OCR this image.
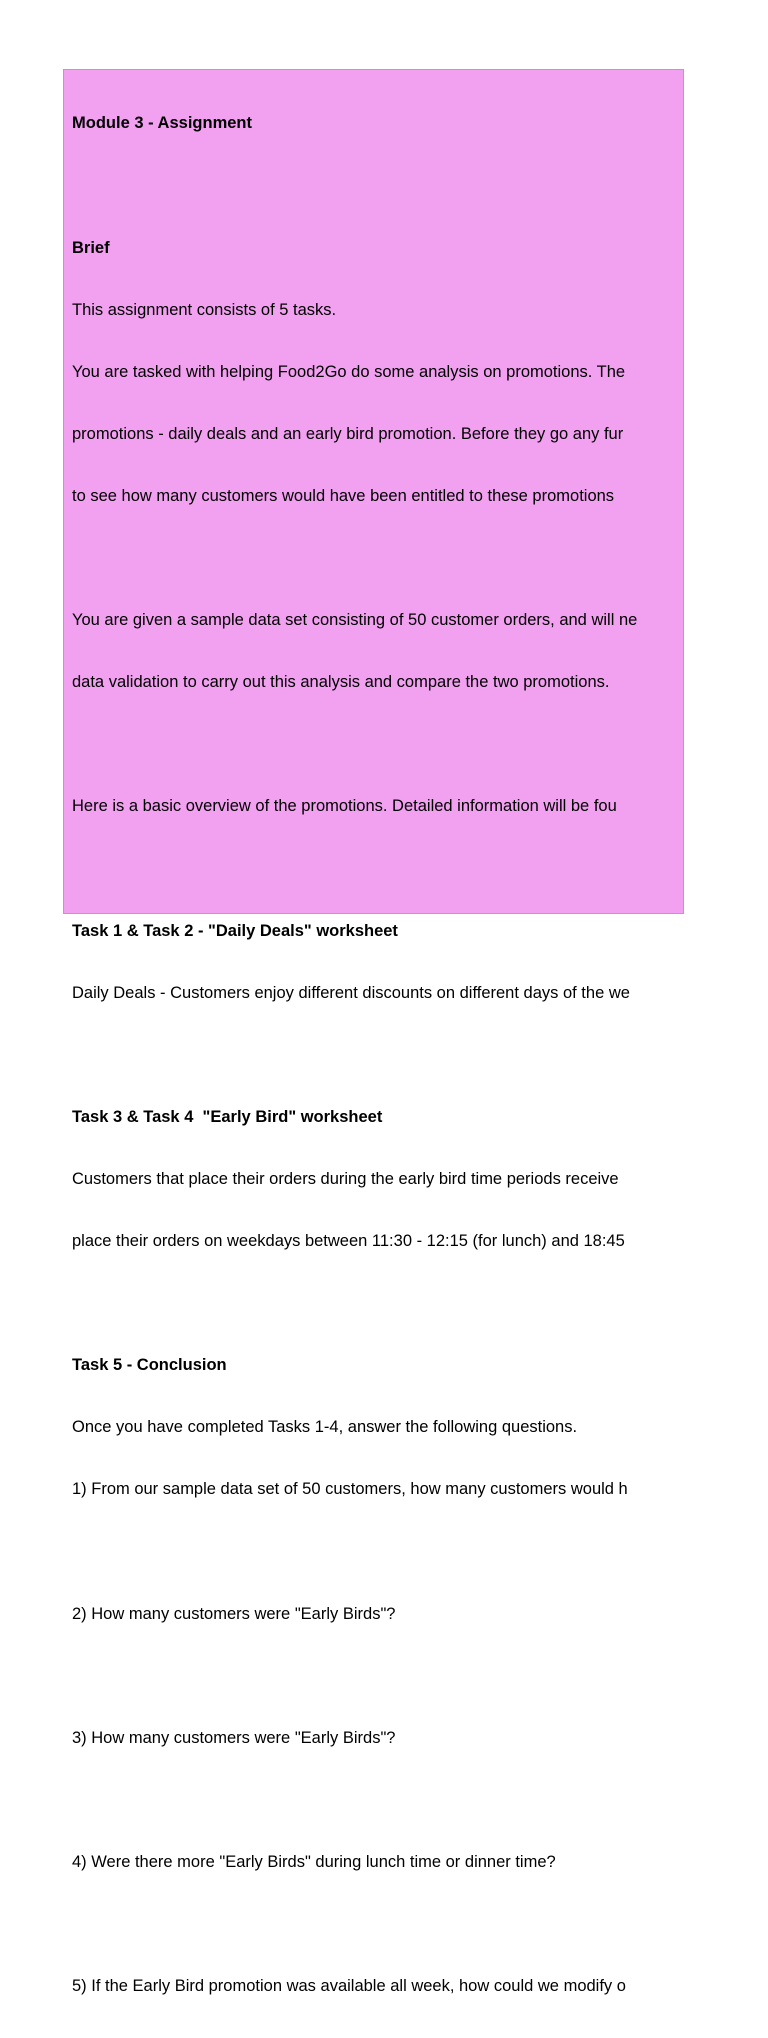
Module 3 - Assignment

Brief

This assignment consists of 5 tasks.

You are tasked with helping Food2Go do some analysis on promotions. The

promotions - daily deals and an early bird promotion. Before they go any fur

to see how many customers would have been entitled to these promotions

You are given a sample data set consisting of 50 customer orders, and will ne

data validation to carry out this analysis and compare the two promotions.

Here is a basic overview of the promotions. Detailed information will be fou

Task 1 & Task 2 - "Daily Deals" worksheet

Daily Deals - Customers enjoy different discounts on different days of the we

Task 3 & Task 4  "Early Bird" worksheet

Customers that place their orders during the early bird time periods receive

place their orders on weekdays between 11:30 - 12:15 (for lunch) and 18:45

Task 5 - Conclusion

Once you have completed Tasks 1-4, answer the following questions.

1) From our sample data set of 50 customers, how many customers would h

2) How many customers were "Early Birds"?

3) How many customers were "Early Birds"?

4) Were there more "Early Birds" during lunch time or dinner time?

5) If the Early Bird promotion was available all week, how could we modify o
